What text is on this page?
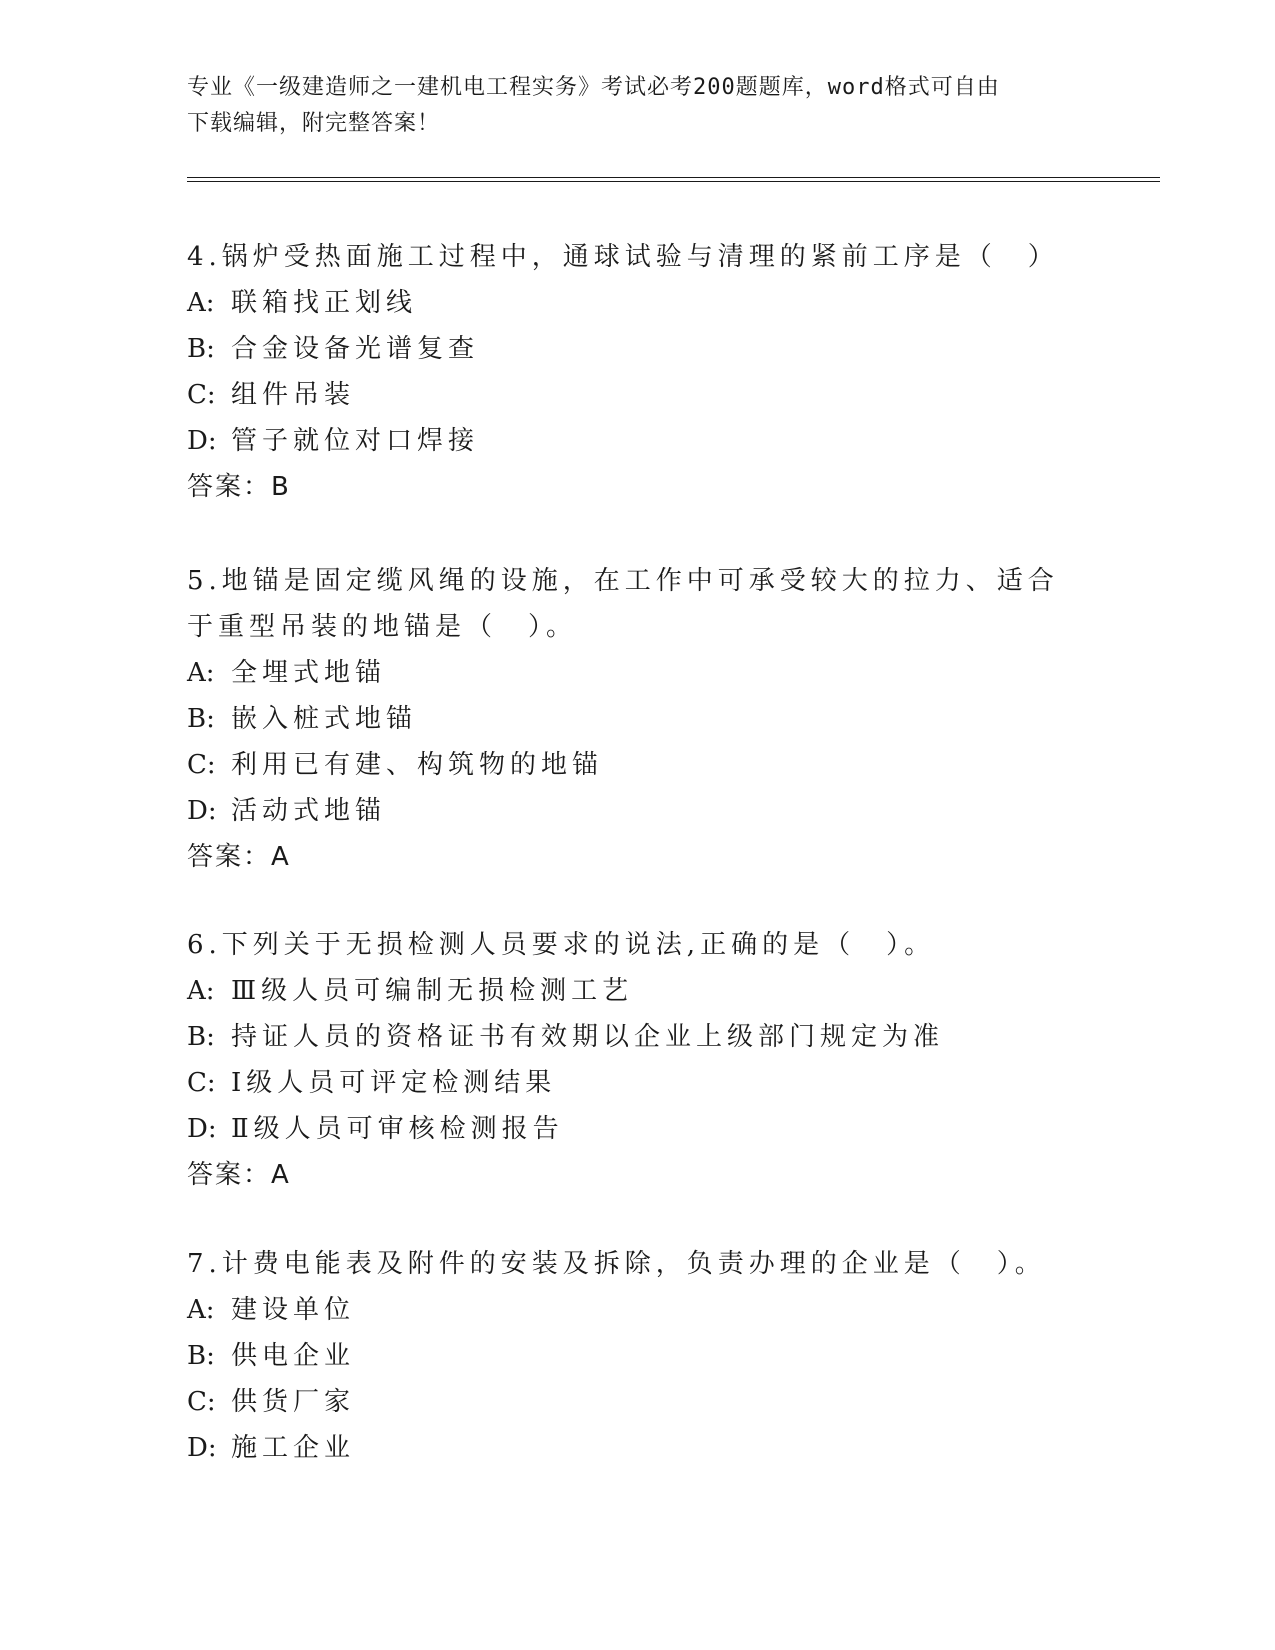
专业《一级建造师之一建机电工程实务》考试必考200题题库，word格式可自由
下载编辑，附完整答案！

4.锅炉受热面施工过程中，通球试验与清理的紧前工序是（　）

A: 联箱找正划线

B: 合金设备光谱复查

C: 组件吊装

D: 管子就位对口焊接

答案：B

5.地锚是固定缆风绳的设施，在工作中可承受较大的拉力、适合于重型吊装的地锚是（　）。

A: 全埋式地锚

B: 嵌入桩式地锚

C: 利用已有建、构筑物的地锚

D: 活动式地锚

答案：A

6.下列关于无损检测人员要求的说法,正确的是（　）。

A: Ⅲ级人员可编制无损检测工艺

B: 持证人员的资格证书有效期以企业上级部门规定为准

C: Ⅰ级人员可评定检测结果

D: Ⅱ级人员可审核检测报告

答案：A

7.计费电能表及附件的安装及拆除，负责办理的企业是（　）。

A: 建设单位

B: 供电企业

C: 供货厂家

D: 施工企业
